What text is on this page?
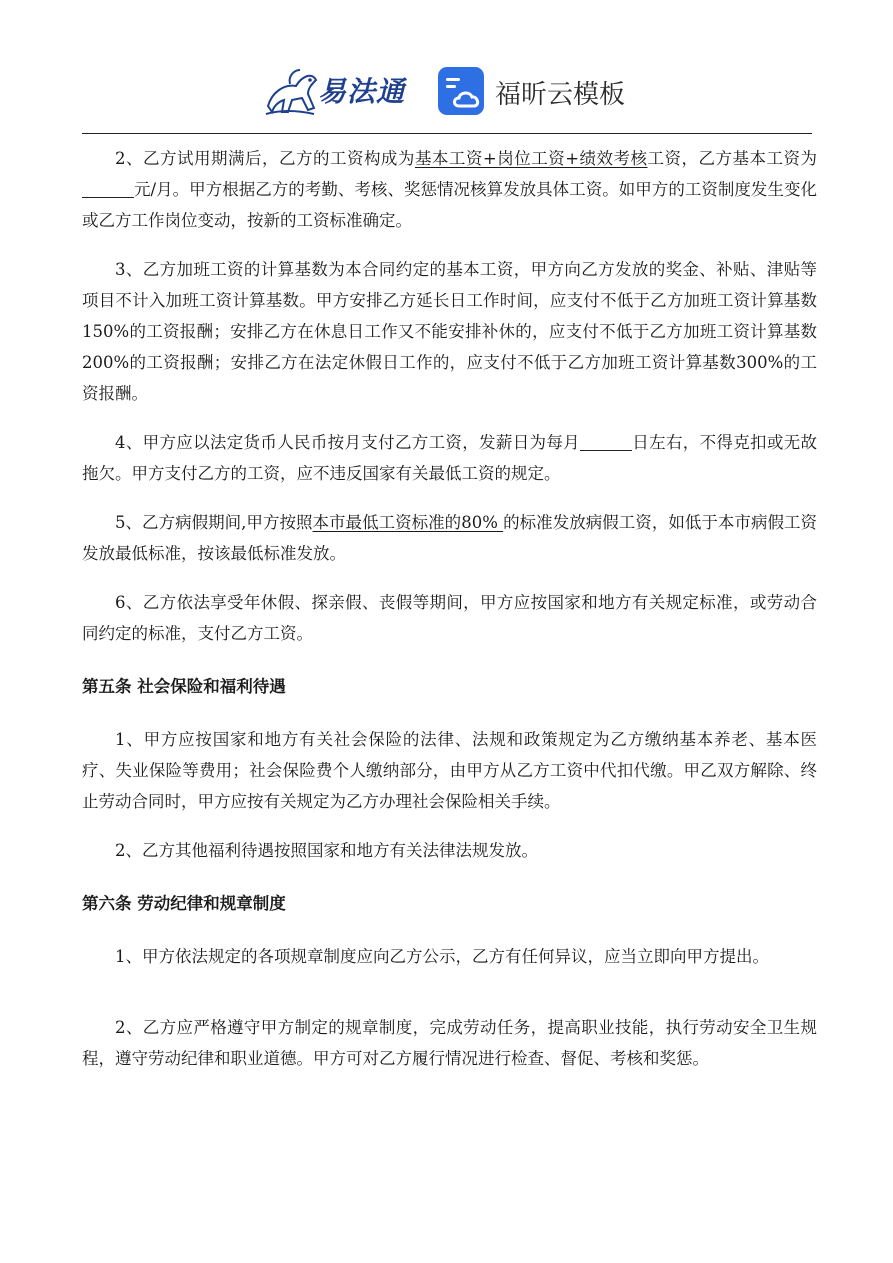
易法通	福昕云模板

2、乙方试用期满后，乙方的工资构成为基本工资+岗位工资+绩效考核工资，乙方基本工资为元/月。甲方根据乙方的考勤、考核、奖惩情况核算发放具体工资。如甲方的工资制度发生变化或乙方工作岗位变动，按新的工资标准确定。

3、乙方加班工资的计算基数为本合同约定的基本工资，甲方向乙方发放的奖金、补贴、津贴等项目不计入加班工资计算基数。甲方安排乙方延长日工作时间，应支付不低于乙方加班工资计算基数150%的工资报酬；安排乙方在休息日工作又不能安排补休的，应支付不低于乙方加班工资计算基数200%的工资报酬；安排乙方在法定休假日工作的，应支付不低于乙方加班工资计算基数300%的工资报酬。

4、甲方应以法定货币人民币按月支付乙方工资，发薪日为每月	日左右，不得克扣或无故拖欠。甲方支付乙方的工资，应不违反国家有关最低工资的规定。

5、乙方病假期间,甲方按照本市最低工资标准的80% 的标准发放病假工资，如低于本市病假工资发放最低标准，按该最低标准发放。

6、乙方依法享受年休假、探亲假、丧假等期间，甲方应按国家和地方有关规定标准，或劳动合同约定的标准，支付乙方工资。

第五条 社会保险和福利待遇

1、甲方应按国家和地方有关社会保险的法律、法规和政策规定为乙方缴纳基本养老、基本医疗、失业保险等费用；社会保险费个人缴纳部分，由甲方从乙方工资中代扣代缴。甲乙双方解除、终止劳动合同时，甲方应按有关规定为乙方办理社会保险相关手续。

2、乙方其他福利待遇按照国家和地方有关法律法规发放。

第六条 劳动纪律和规章制度

1、甲方依法规定的各项规章制度应向乙方公示，乙方有任何异议，应当立即向甲方提出。

2、乙方应严格遵守甲方制定的规章制度，完成劳动任务，提高职业技能，执行劳动安全卫生规程，遵守劳动纪律和职业道德。甲方可对乙方履行情况进行检查、督促、考核和奖惩。
